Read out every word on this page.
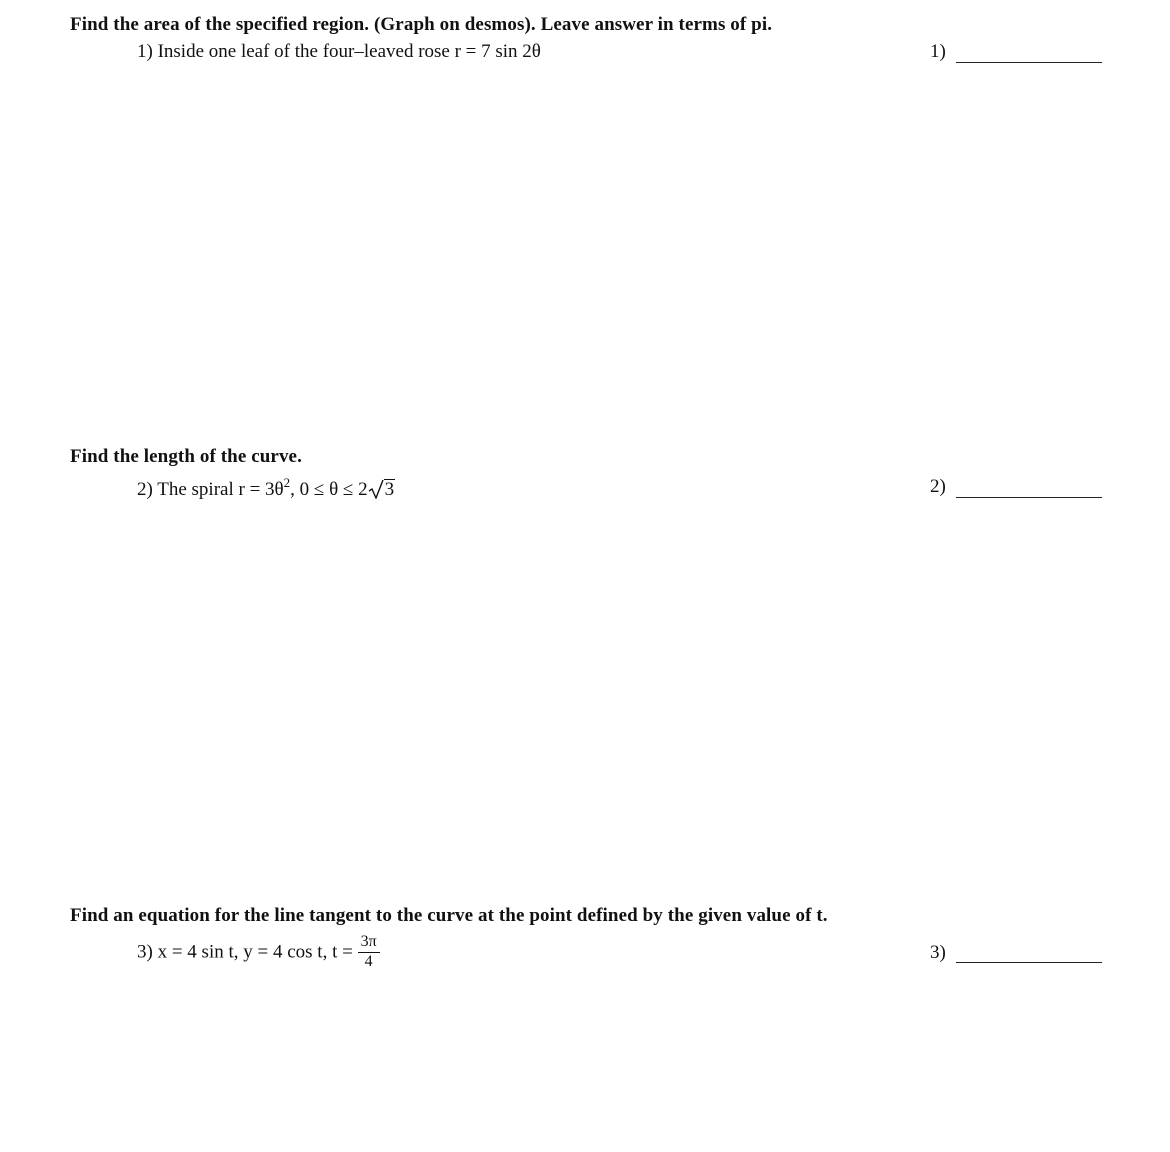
Find the area of the specified region. (Graph on desmos). Leave answer in terms of pi.
1) Inside one leaf of the four–leaved rose r = 7 sin 2θ	1)
Find the length of the curve.
2) The spiral $r = 3\theta^2$, 0 ≤ θ ≤ 2 3	2)
Find an equation for the line tangent to the curve at the point defined by the given value of t.
3) x = 4 sin t, y = 4 cos t, $t = \frac{3\pi}{4}$	3)
